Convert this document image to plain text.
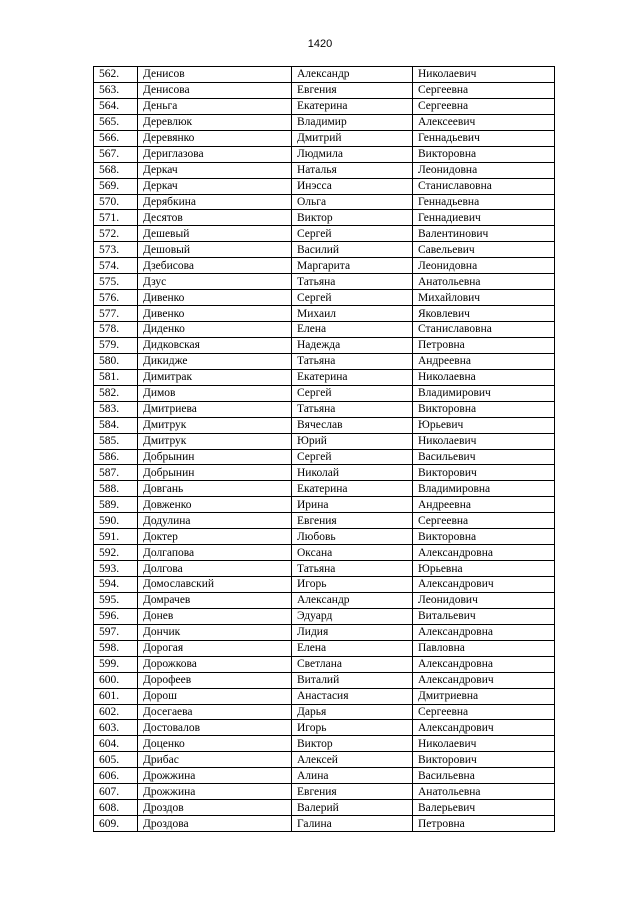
1420
562.	Денисов	Александр	Николаевич
563.	Денисова	Евгения	Сергеевна
564.	Деньга	Екатерина	Сергеевна
565.	Деревлюк	Владимир	Алексеевич
566.	Деревянко	Дмитрий	Геннадьевич
567.	Дериглазова	Людмила	Викторовна
568.	Деркач	Наталья	Леонидовна
569.	Деркач	Инэсса	Станиславовна
570.	Дерябкина	Ольга	Геннадьевна
571.	Десятов	Виктор	Геннадиевич
572.	Дешевый	Сергей	Валентинович
573.	Дешовый	Василий	Савельевич
574.	Дзебисова	Маргарита	Леонидовна
575.	Дзус	Татьяна	Анатольевна
576.	Дивенко	Сергей	Михайлович
577.	Дивенко	Михаил	Яковлевич
578.	Диденко	Елена	Станиславовна
579.	Дидковская	Надежда	Петровна
580.	Дикидже	Татьяна	Андреевна
581.	Димитрак	Екатерина	Николаевна
582.	Димов	Сергей	Владимирович
583.	Дмитриева	Татьяна	Викторовна
584.	Дмитрук	Вячеслав	Юрьевич
585.	Дмитрук	Юрий	Николаевич
586.	Добрынин	Сергей	Васильевич
587.	Добрынин	Николай	Викторович
588.	Довгань	Екатерина	Владимировна
589.	Довженко	Ирина	Андреевна
590.	Додулина	Евгения	Сергеевна
591.	Доктер	Любовь	Викторовна
592.	Долгапова	Оксана	Александровна
593.	Долгова	Татьяна	Юрьевна
594.	Домославский	Игорь	Александрович
595.	Домрачев	Александр	Леонидович
596.	Донев	Эдуард	Витальевич
597.	Дончик	Лидия	Александровна
598.	Дорогая	Елена	Павловна
599.	Дорожкова	Светлана	Александровна
600.	Дорофеев	Виталий	Александрович
601.	Дорош	Анастасия	Дмитриевна
602.	Досегаева	Дарья	Сергеевна
603.	Достовалов	Игорь	Александрович
604.	Доценко	Виктор	Николаевич
605.	Дрибас	Алексей	Викторович
606.	Дрожжина	Алина	Васильевна
607.	Дрожжина	Евгения	Анатольевна
608.	Дроздов	Валерий	Валерьевич
609.	Дроздова	Галина	Петровна
